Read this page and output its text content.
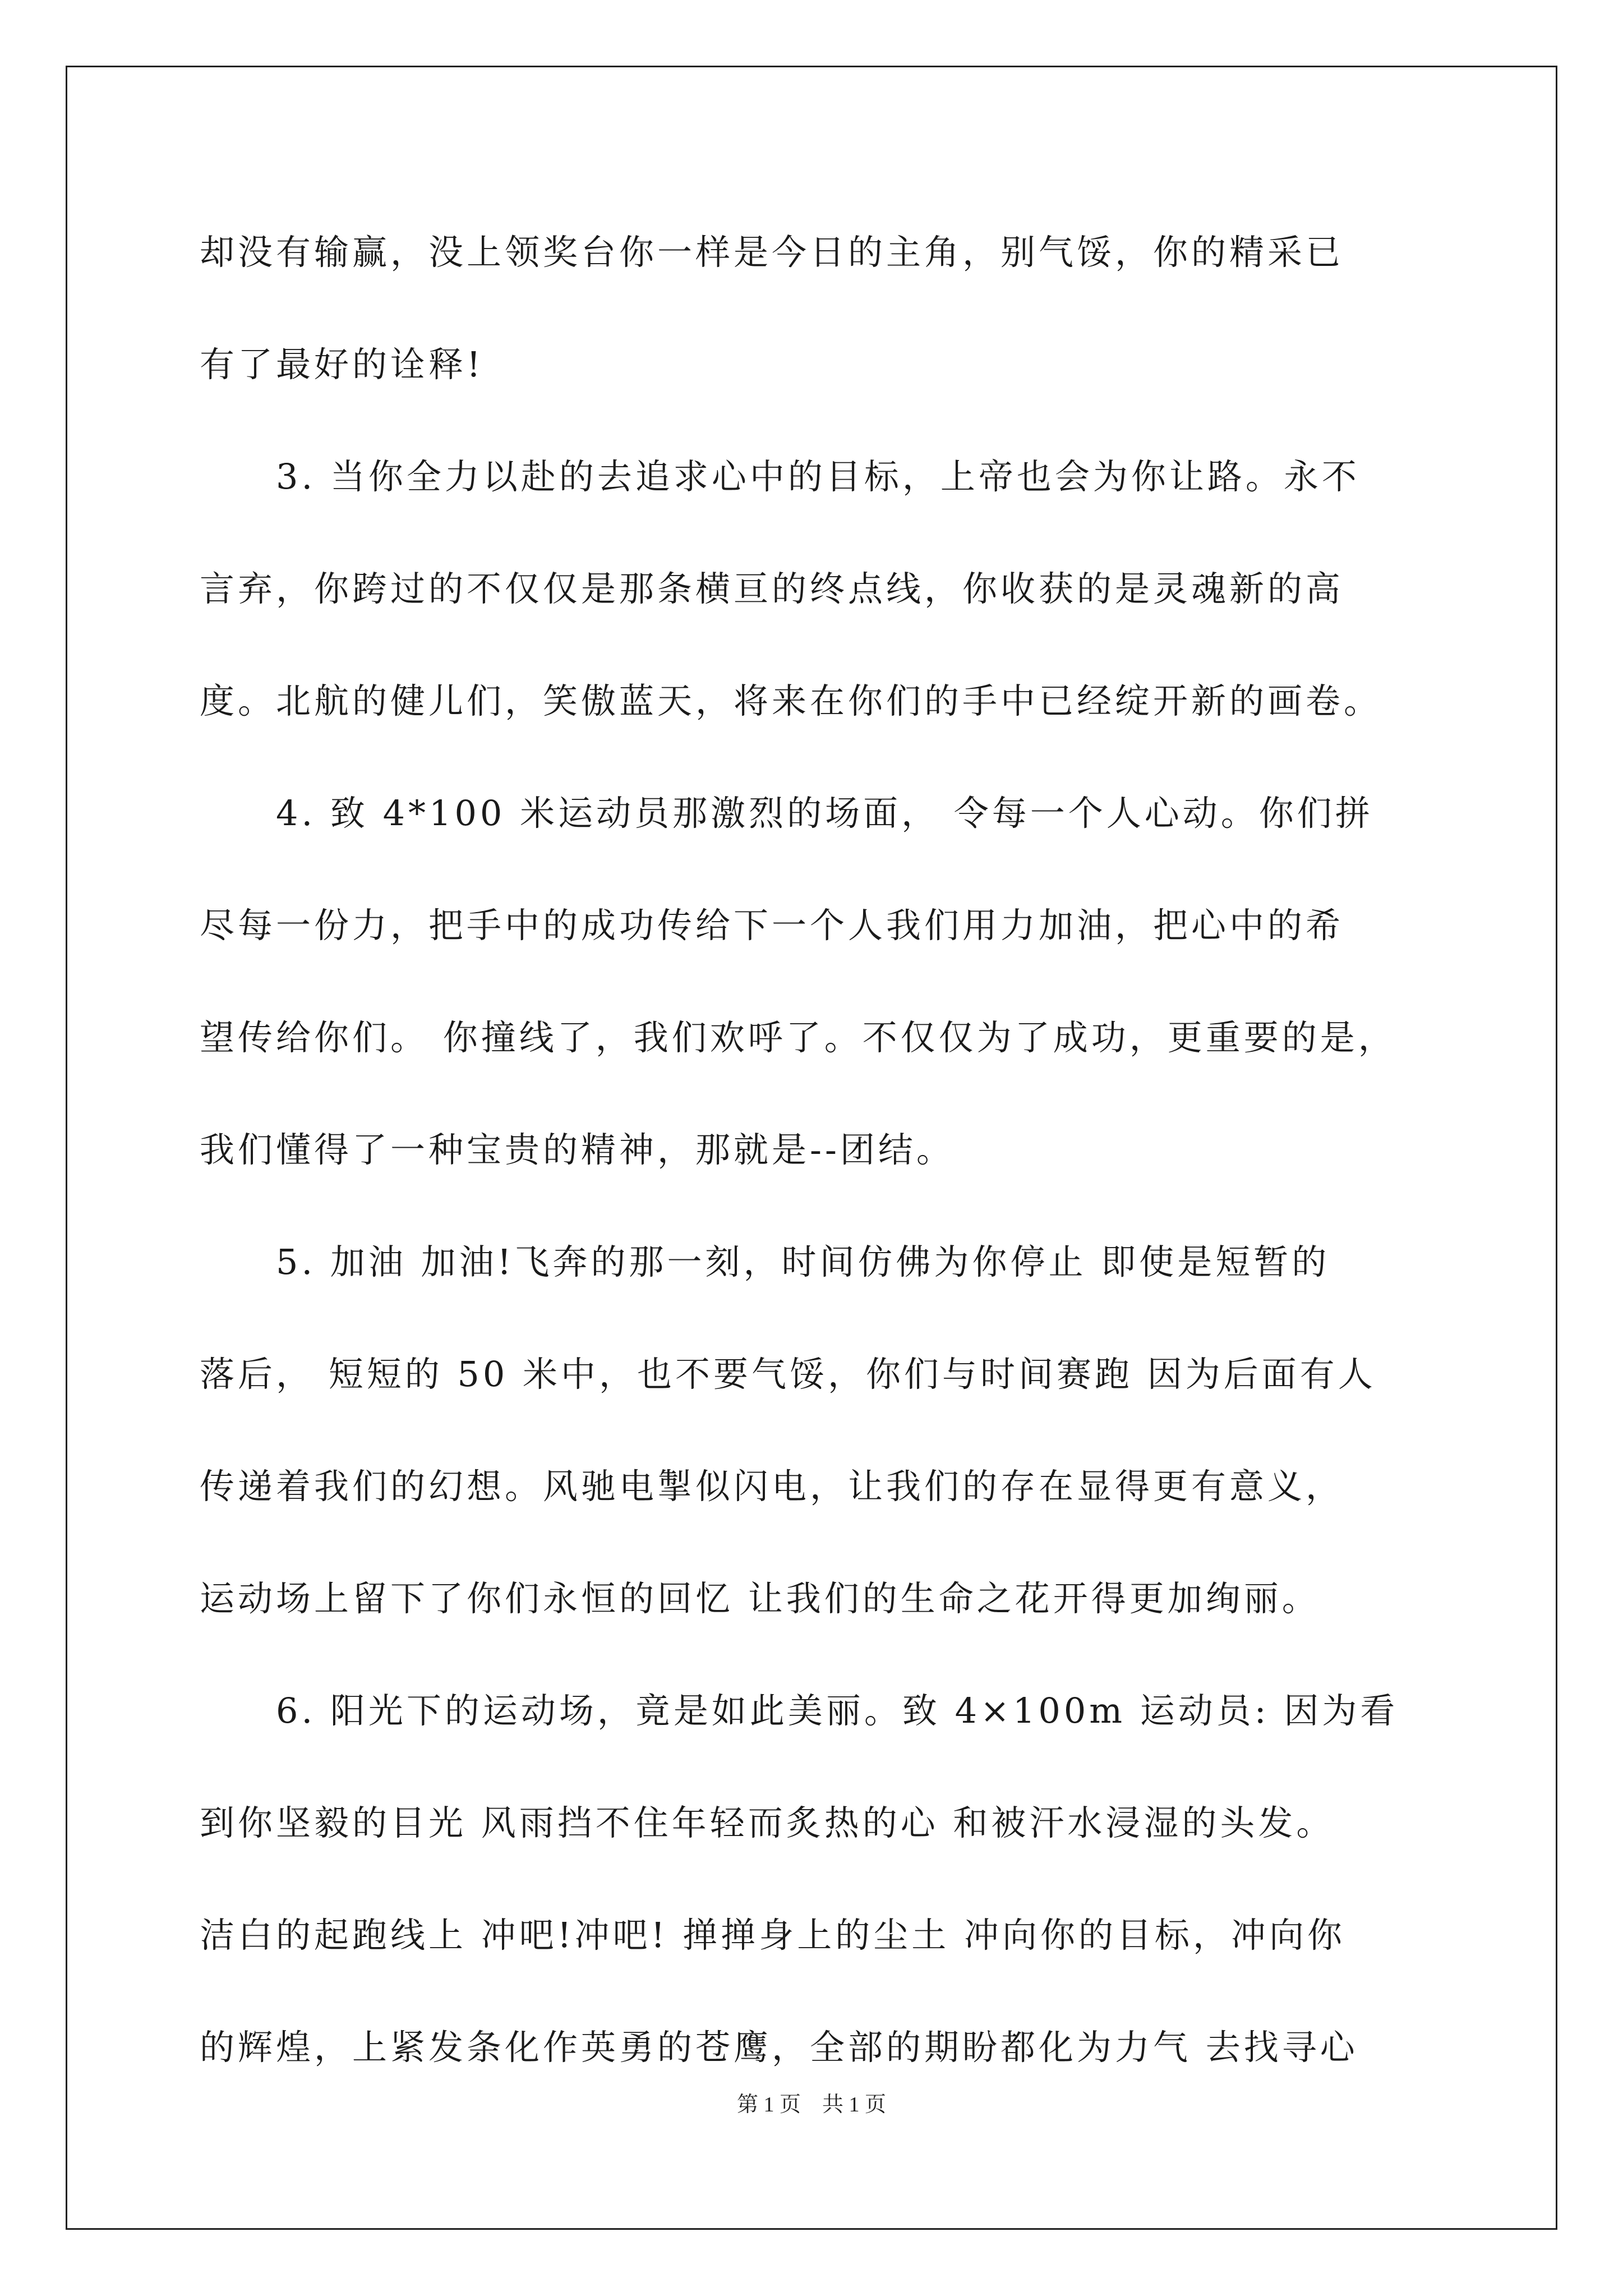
却没有输赢，没上领奖台你一样是今日的主角，别气馁，你的精采已
有了最好的诠释!
　　3. 当你全力以赴的去追求心中的目标，上帝也会为你让路。永不
言弃，你跨过的不仅仅是那条横亘的终点线，你收获的是灵魂新的高
度。北航的健儿们，笑傲蓝天，将来在你们的手中已经绽开新的画卷。
　　4. 致 4*100 米运动员那激烈的场面， 令每一个人心动。你们拼
尽每一份力，把手中的成功传给下一个人我们用力加油，把心中的希
望传给你们。 你撞线了，我们欢呼了。不仅仅为了成功，更重要的是，
我们懂得了一种宝贵的精神，那就是--团结。
　　5. 加油 加油!飞奔的那一刻，时间仿佛为你停止 即使是短暂的
落后， 短短的 50 米中，也不要气馁，你们与时间赛跑 因为后面有人
传递着我们的幻想。风驰电掣似闪电，让我们的存在显得更有意义，
运动场上留下了你们永恒的回忆 让我们的生命之花开得更加绚丽。
　　6. 阳光下的运动场，竟是如此美丽。致 4×100m 运动员: 因为看
到你坚毅的目光 风雨挡不住年轻而炙热的心 和被汗水浸湿的头发。
洁白的起跑线上 冲吧!冲吧! 掸掸身上的尘土 冲向你的目标，冲向你
的辉煌，上紧发条化作英勇的苍鹰，全部的期盼都化为力气 去找寻心
第 1 页　共 1 页
